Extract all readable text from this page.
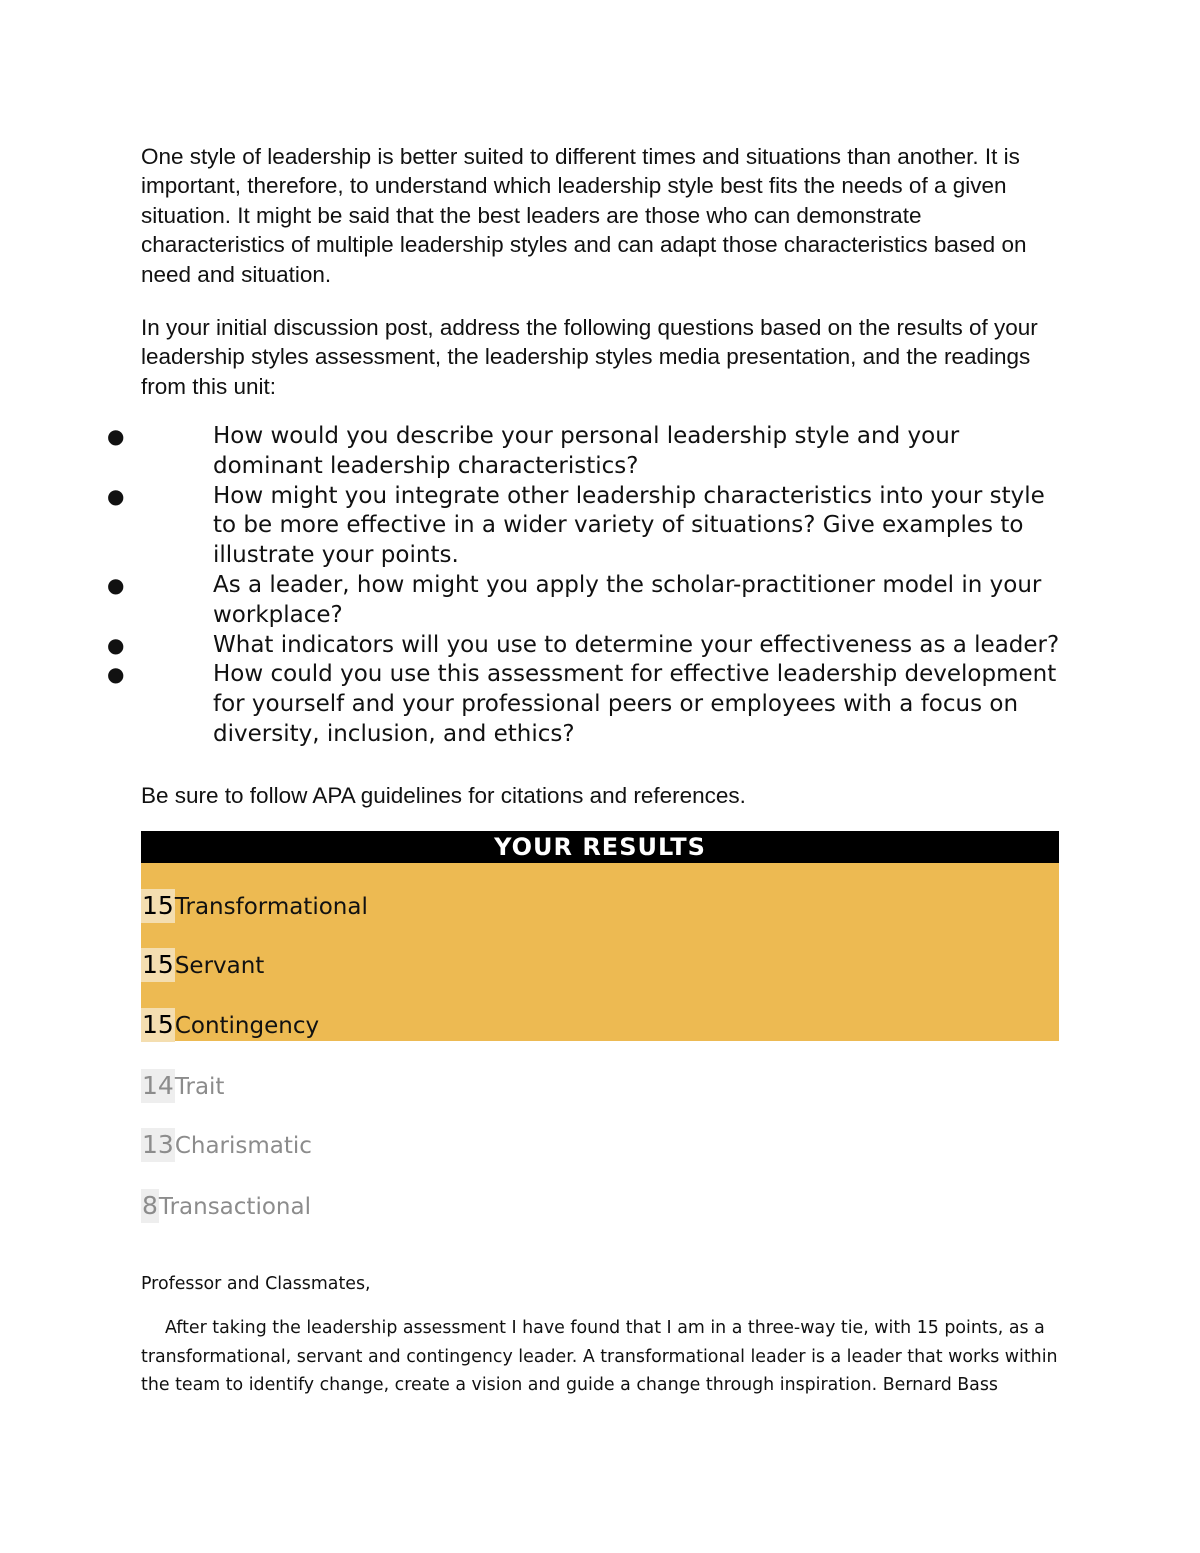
One style of leadership is better suited to different times and situations than another. It is important, therefore, to understand which leadership style best fits the needs of a given situation. It might be said that the best leaders are those who can demonstrate characteristics of multiple leadership styles and can adapt those characteristics based on need and situation.

In your initial discussion post, address the following questions based on the results of your leadership styles assessment, the leadership styles media presentation, and the readings from this unit:

●	How would you describe your personal leadership style and your dominant leadership characteristics?
●	How might you integrate other leadership characteristics into your style to be more effective in a wider variety of situations? Give examples to illustrate your points.
●	As a leader, how might you apply the scholar-practitioner model in your workplace?
●	What indicators will you use to determine your effectiveness as a leader?
●	How could you use this assessment for effective leadership development for yourself and your professional peers or employees with a focus on diversity, inclusion, and ethics?

Be sure to follow APA guidelines for citations and references.

YOUR RESULTS
15Transformational
15Servant
15Contingency
14Trait
13Charismatic
8Transactional

Professor and Classmates,

After taking the leadership assessment I have found that I am in a three-way tie, with 15 points, as a transformational, servant and contingency leader. A transformational leader is a leader that works within the team to identify change, create a vision and guide a change through inspiration. Bernard Bass
